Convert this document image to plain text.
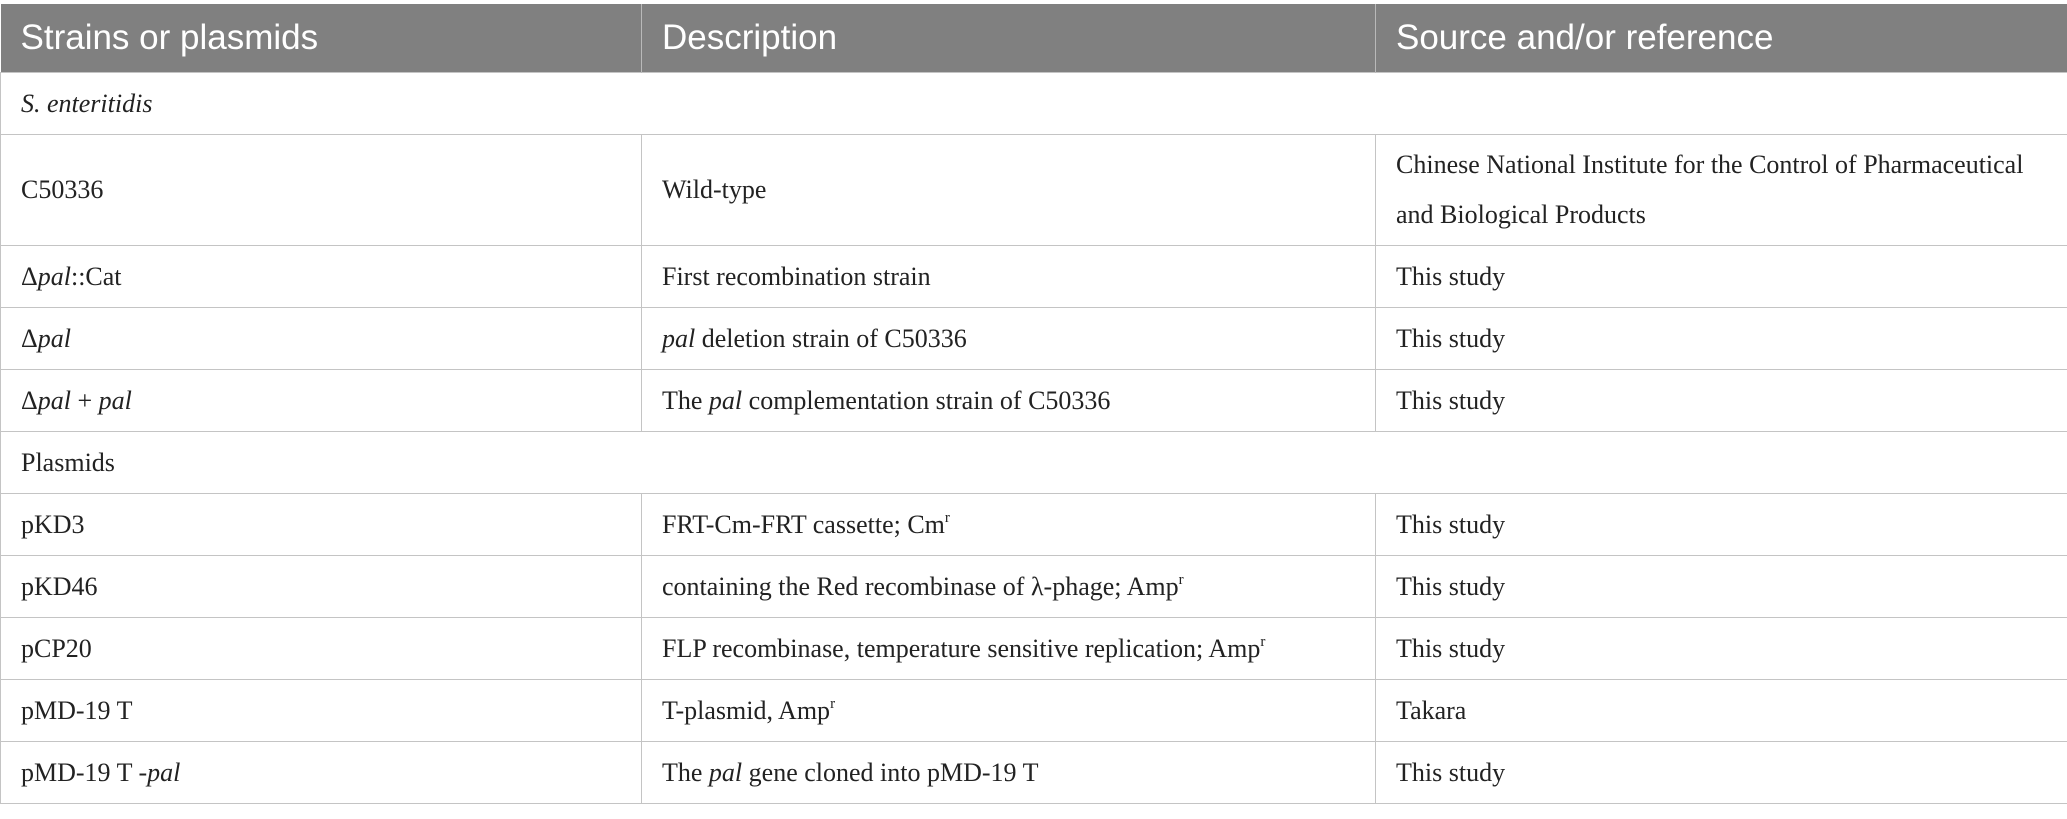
Strains or plasmids	Description	Source and/or reference
S. enteritidis		
C50336	Wild-type	Chinese National Institute for the Control of Pharmaceutical and Biological Products
Δpal::Cat	First recombination strain	This study
Δpal	pal deletion strain of C50336	This study
Δpal + pal	The pal complementation strain of C50336	This study
Plasmids		
pKD3	FRT-Cm-FRT cassette; Cm$^r$	This study
pKD46	containing the Red recombinase of λ-phage; Amp$^r$	This study
pCP20	FLP recombinase, temperature sensitive replication; Amp$^r$	This study
pMD-19 T	T-plasmid, Amp$^r$	Takara
pMD-19 T -pal	The pal gene cloned into pMD-19 T	This study
